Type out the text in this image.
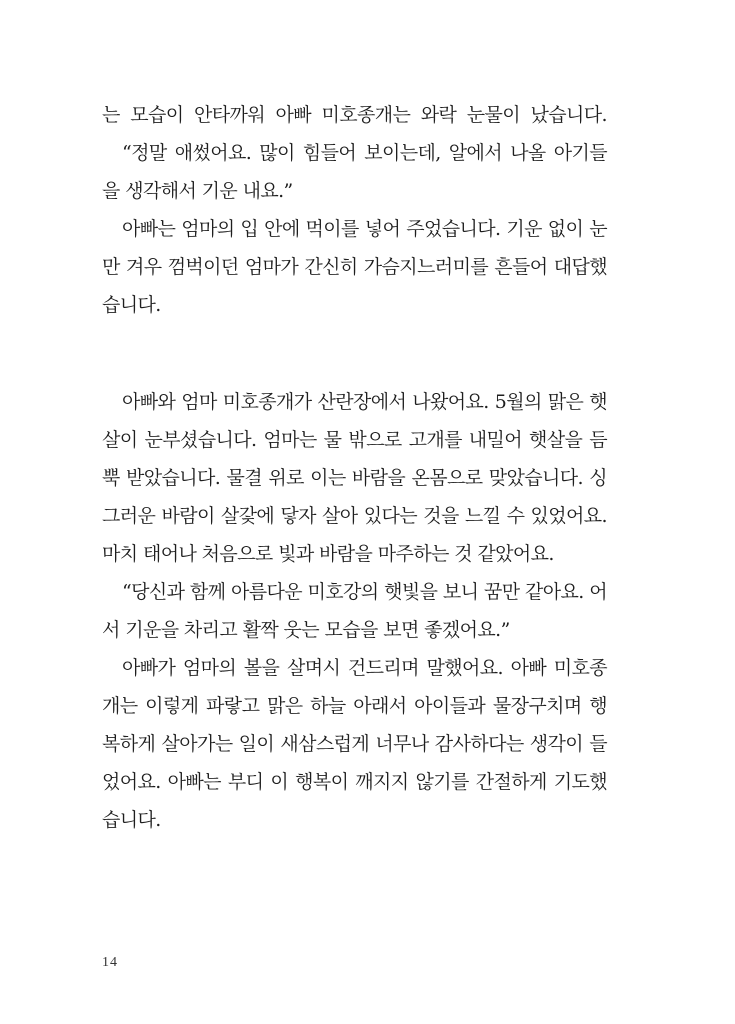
는 모습이 안타까워 아빠 미호종개는 와락 눈물이 났습니다.
“정말 애썼어요. 많이 힘들어 보이는데, 알에서 나올 아기들
을 생각해서 기운 내요.”
아빠는 엄마의 입 안에 먹이를 넣어 주었습니다. 기운 없이 눈
만 겨우 껌벅이던 엄마가 간신히 가슴지느러미를 흔들어 대답했
습니다.
아빠와 엄마 미호종개가 산란장에서 나왔어요. 5월의 맑은 햇
살이 눈부셨습니다. 엄마는 물 밖으로 고개를 내밀어 햇살을 듬
뿍 받았습니다. 물결 위로 이는 바람을 온몸으로 맞았습니다. 싱
그러운 바람이 살갗에 닿자 살아 있다는 것을 느낄 수 있었어요.
마치 태어나 처음으로 빛과 바람을 마주하는 것 같았어요.
“당신과 함께 아름다운 미호강의 햇빛을 보니 꿈만 같아요. 어
서 기운을 차리고 활짝 웃는 모습을 보면 좋겠어요.”
아빠가 엄마의 볼을 살며시 건드리며 말했어요. 아빠 미호종
개는 이렇게 파랗고 맑은 하늘 아래서 아이들과 물장구치며 행
복하게 살아가는 일이 새삼스럽게 너무나 감사하다는 생각이 들
었어요. 아빠는 부디 이 행복이 깨지지 않기를 간절하게 기도했
습니다.
14
